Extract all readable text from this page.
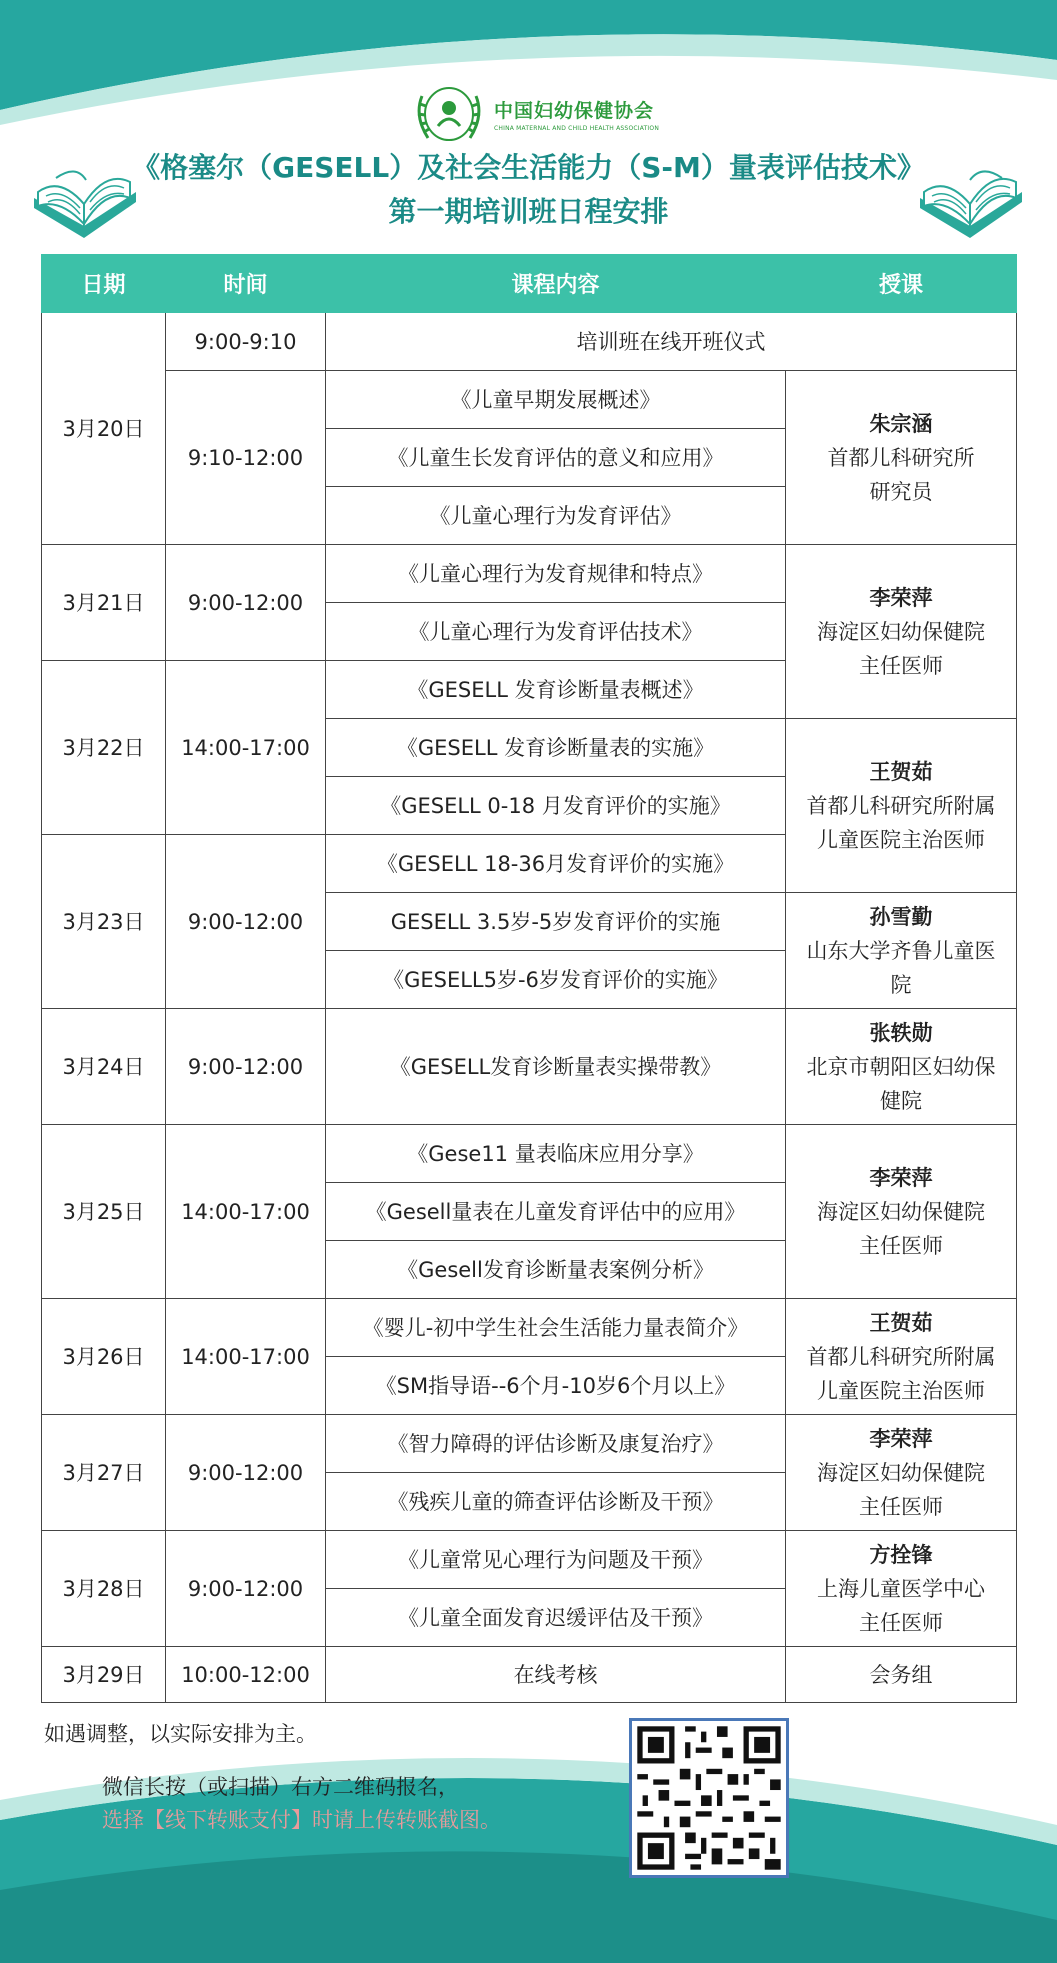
中国妇幼保健协会
CHINA MATERNAL AND CHILD HEALTH ASSOCIATION
《格塞尔（GESELL）及社会生活能力（S-M）量表评估技术》
第一期培训班日程安排
日期	时间	课程内容	授课
3月20日	9:00-9:10	培训班在线开班仪式	
	9:10-12:00	《儿童早期发展概述》	朱宗涵
首都儿科研究所
研究员

		《儿童生长发育评估的意义和应用》	
		《儿童心理行为发育评估》	
3月21日	9:00-12:00	《儿童心理行为发育规律和特点》	李荣萍
海淀区妇幼保健院
主任医师

		《儿童心理行为发育评估技术》	
3月22日	14:00-17:00	《GESELL 发育诊断量表概述》	
		《GESELL 发育诊断量表的实施》	王贺茹
首都儿科研究所附属
儿童医院主治医师

		《GESELL 0-18 月发育评价的实施》	
3月23日	9:00-12:00	《GESELL 18-36月发育评价的实施》	
		GESELL 3.5岁-5岁发育评价的实施	孙雪勤
山东大学齐鲁儿童医
院

		《GESELL5岁-6岁发育评价的实施》	
3月24日	9:00-12:00	《GESELL发育诊断量表实操带教》	张轶勋
北京市朝阳区妇幼保
健院

3月25日	14:00-17:00	《Gese11 量表临床应用分享》	李荣萍
海淀区妇幼保健院
主任医师

		《Gesell量表在儿童发育评估中的应用》	
		《Gesell发育诊断量表案例分析》	
3月26日	14:00-17:00	《婴儿-初中学生社会生活能力量表简介》	王贺茹
首都儿科研究所附属
儿童医院主治医师

		《SM指导语--6个月-10岁6个月以上》	
3月27日	9:00-12:00	《智力障碍的评估诊断及康复治疗》	李荣萍
海淀区妇幼保健院
主任医师

		《残疾儿童的筛查评估诊断及干预》	
3月28日	9:00-12:00	《儿童常见心理行为问题及干预》	方拴锋
上海儿童医学中心
主任医师

		《儿童全面发育迟缓评估及干预》	
3月29日	10:00-12:00	在线考核	会务组
如遇调整，以实际安排为主。
微信长按（或扫描）右方二维码报名，
选择【线下转账支付】时请上传转账截图。
